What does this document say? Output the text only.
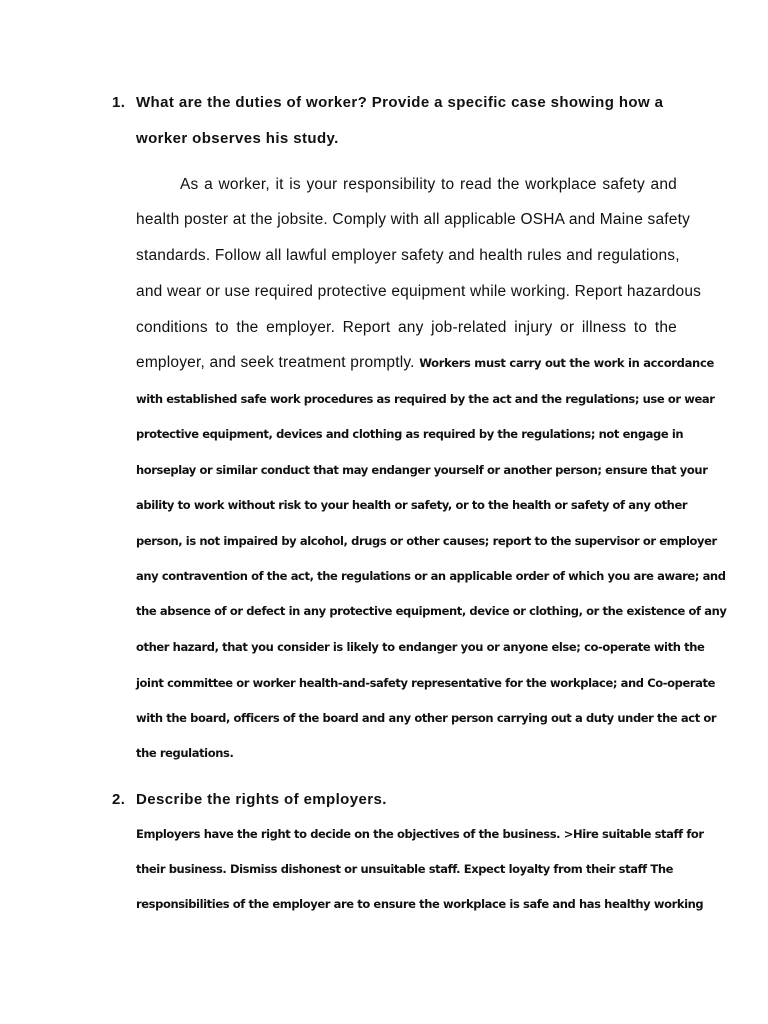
1. What are the duties of worker? Provide a specific case showing how a
worker observes his study.
As a worker, it is your responsibility to read the workplace safety and
health poster at the jobsite. Comply with all applicable OSHA and Maine safety
standards. Follow all lawful employer safety and health rules and regulations,
and wear or use required protective equipment while working. Report hazardous
conditions to the employer. Report any job-related injury or illness to the
employer, and seek treatment promptly. Workers must carry out the work in accordance
with established safe work procedures as required by the act and the regulations; use or wear
protective equipment, devices and clothing as required by the regulations; not engage in
horseplay or similar conduct that may endanger yourself or another person; ensure that your
ability to work without risk to your health or safety, or to the health or safety of any other
person, is not impaired by alcohol, drugs or other causes; report to the supervisor or employer
any contravention of the act, the regulations or an applicable order of which you are aware; and
the absence of or defect in any protective equipment, device or clothing, or the existence of any
other hazard, that you consider is likely to endanger you or anyone else; co-operate with the
joint committee or worker health-and-safety representative for the workplace; and Co-operate
with the board, officers of the board and any other person carrying out a duty under the act or
the regulations.
2. Describe the rights of employers.
Employers have the right to decide on the objectives of the business. >Hire suitable staff for
their business. Dismiss dishonest or unsuitable staff. Expect loyalty from their staff The
responsibilities of the employer are to ensure the workplace is safe and has healthy working
